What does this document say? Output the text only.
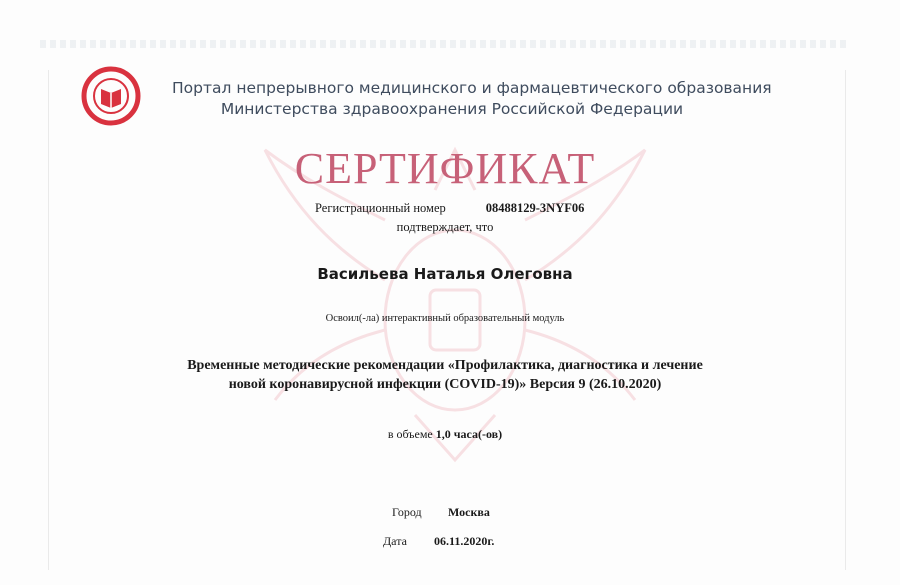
Портал непрерывного медицинского и фармацевтического образования
Министерства здравоохранения Российской Федерации
СЕРТИФИКАТ
Регистрационный номер	08488129-3NYF06
подтверждает, что
Васильева Наталья Олеговна
Освоил(-ла) интерактивный образовательный модуль
Временные методические рекомендации «Профилактика, диагностика и лечение
новой коронавирусной инфекции (COVID-19)» Версия 9 (26.10.2020)
в объеме 1,0 часа(-ов)
Город Москва
Дата 06.11.2020г.
